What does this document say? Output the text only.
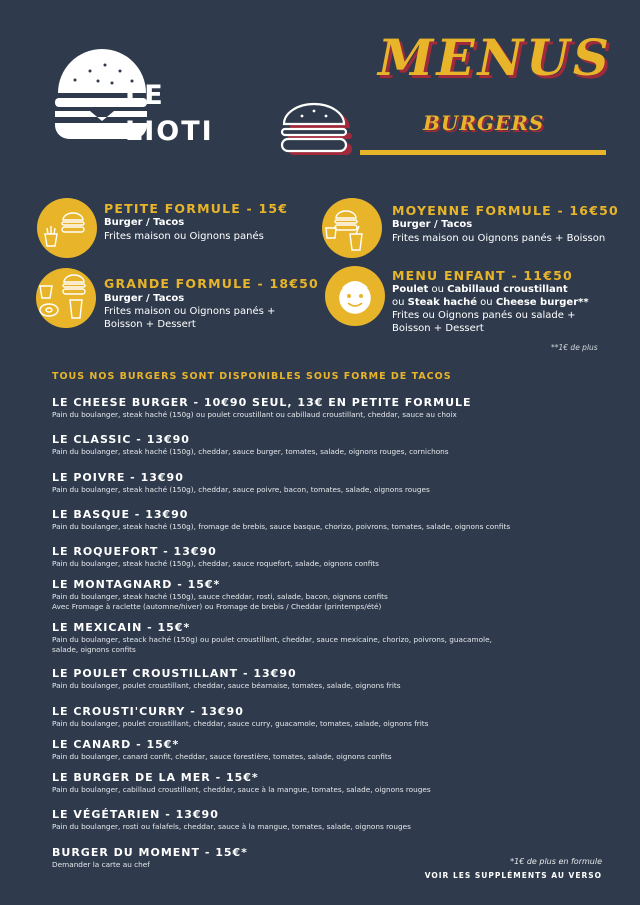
LE
LIOTI
MENUS
BURGERS
PETITE FORMULE - 15€
Burger / Tacos
Frites maison ou Oignons panés
MOYENNE FORMULE - 16€50
Burger / Tacos
Frites maison ou Oignons panés + Boisson
GRANDE FORMULE - 18€50
Burger / Tacos
Frites maison ou Oignons panés +
Boisson + Dessert
MENU ENFANT - 11€50
Poulet ou Cabillaud croustillant
ou Steak haché ou Cheese burger**
Frites ou Oignons panés ou salade +
Boisson + Dessert
**1€ de plus
TOUS NOS BURGERS SONT DISPONIBLES SOUS FORME DE TACOS
LE CHEESE BURGER - 10€90 SEUL, 13€ EN PETITE FORMULE
Pain du boulanger, steak haché (150g) ou poulet croustillant ou cabillaud croustillant, cheddar, sauce au choix
LE CLASSIC - 13€90
Pain du boulanger, steak haché (150g), cheddar, sauce burger, tomates, salade, oignons rouges, cornichons
LE POIVRE - 13€90
Pain du boulanger, steak haché (150g), cheddar, sauce poivre, bacon, tomates, salade, oignons rouges
LE BASQUE - 13€90
Pain du boulanger, steak haché (150g), fromage de brebis, sauce basque, chorizo, poivrons, tomates, salade, oignons confits
LE ROQUEFORT - 13€90
Pain du boulanger, steak haché (150g), cheddar, sauce roquefort, salade, oignons confits
LE MONTAGNARD - 15€*
Pain du boulanger, steak haché (150g), sauce cheddar, rosti, salade, bacon, oignons confits
Avec Fromage à raclette (automne/hiver) ou Fromage de brebis / Cheddar (printemps/été)
LE MEXICAIN - 15€*
Pain du boulanger, steack haché (150g) ou poulet croustillant, cheddar, sauce mexicaine, chorizo, poivrons, guacamole,
salade, oignons confits
LE POULET CROUSTILLANT - 13€90
Pain du boulanger, poulet croustillant, cheddar, sauce béarnaise, tomates, salade, oignons frits
LE CROUSTI'CURRY - 13€90
Pain du boulanger, poulet croustillant, cheddar, sauce curry, guacamole, tomates, salade, oignons frits
LE CANARD - 15€*
Pain du boulanger, canard confit, cheddar, sauce forestière, tomates, salade, oignons confits
LE BURGER DE LA MER - 15€*
Pain du boulanger, cabillaud croustillant, cheddar, sauce à la mangue, tomates, salade, oignons rouges
LE VÉGÉTARIEN - 13€90
Pain du boulanger, rosti ou falafels, cheddar, sauce à la mangue, tomates, salade, oignons rouges
BURGER DU MOMENT - 15€*
Demander la carte au chef	*1€ de plus en formule
VOIR LES SUPPLÉMENTS AU VERSO
